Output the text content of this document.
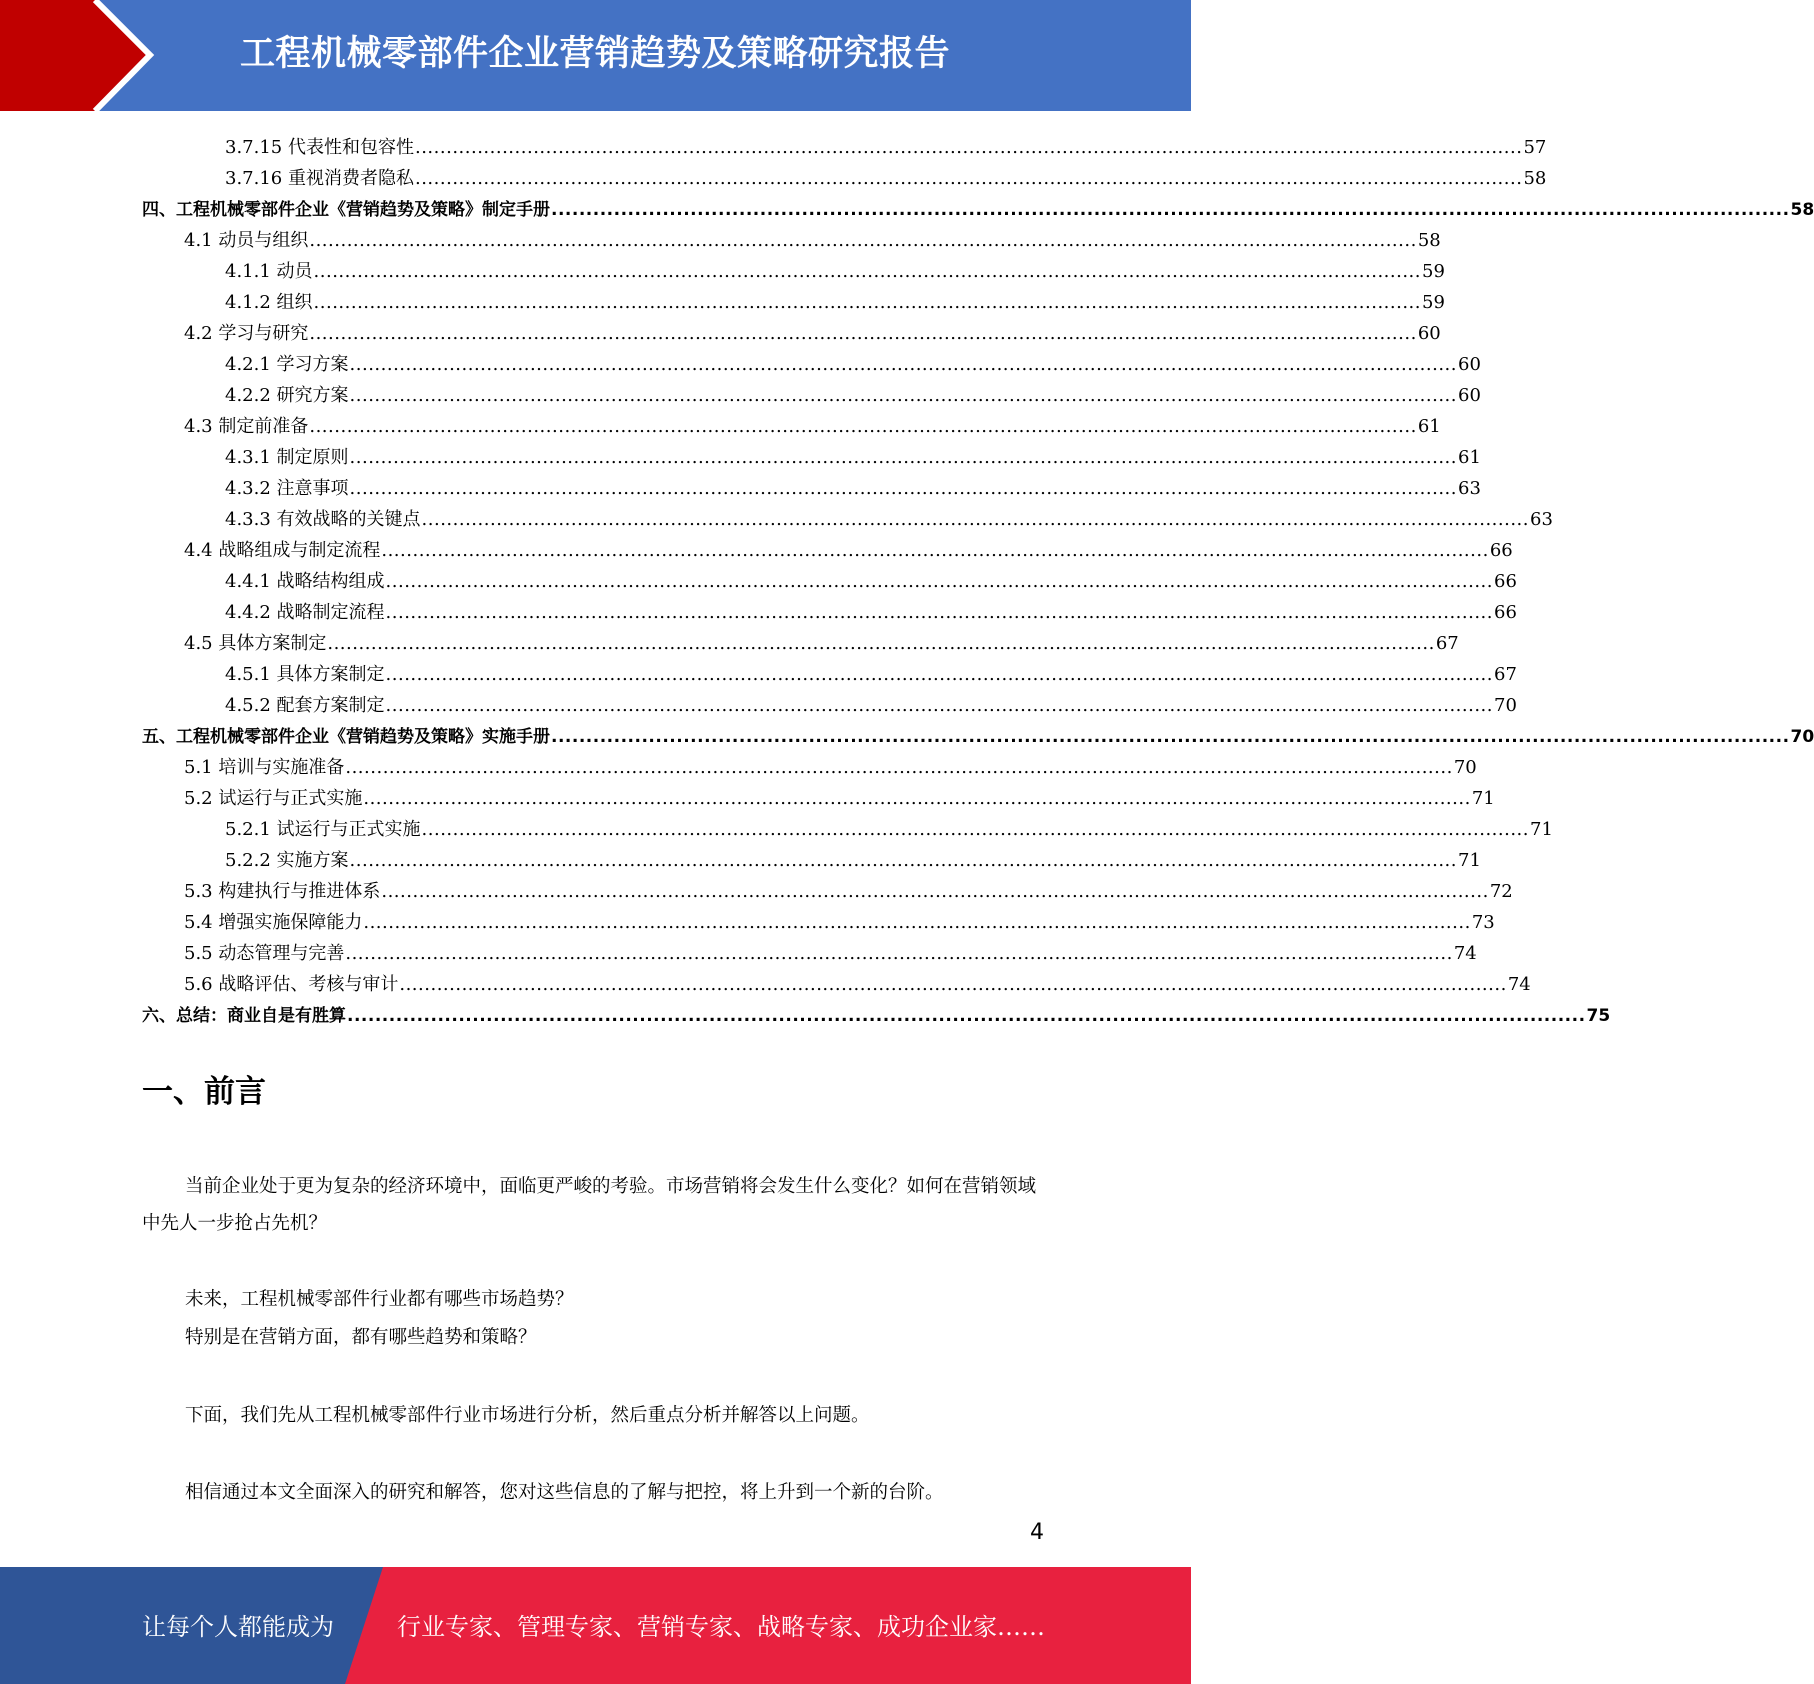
工程机械零部件企业营销趋势及策略研究报告
3.7.15 代表性和包容性 .................................................................................................................................................................................. 57
3.7.16 重视消费者隐私 .................................................................................................................................................................................. 58
四、工程机械零部件企业《营销趋势及策略》制定手册 .................................................................................................................................................................................. 58
4.1 动员与组织 .................................................................................................................................................................................. 58
4.1.1 动员 .................................................................................................................................................................................. 59
4.1.2 组织 .................................................................................................................................................................................. 59
4.2 学习与研究 .................................................................................................................................................................................. 60
4.2.1 学习方案 .................................................................................................................................................................................. 60
4.2.2 研究方案 .................................................................................................................................................................................. 60
4.3 制定前准备 .................................................................................................................................................................................. 61
4.3.1 制定原则 .................................................................................................................................................................................. 61
4.3.2 注意事项 .................................................................................................................................................................................. 63
4.3.3 有效战略的关键点 .................................................................................................................................................................................. 63
4.4 战略组成与制定流程 .................................................................................................................................................................................. 66
4.4.1 战略结构组成 .................................................................................................................................................................................. 66
4.4.2 战略制定流程 .................................................................................................................................................................................. 66
4.5 具体方案制定 .................................................................................................................................................................................. 67
4.5.1 具体方案制定 .................................................................................................................................................................................. 67
4.5.2 配套方案制定 .................................................................................................................................................................................. 70
五、工程机械零部件企业《营销趋势及策略》实施手册 .................................................................................................................................................................................. 70
5.1 培训与实施准备 .................................................................................................................................................................................. 70
5.2 试运行与正式实施 .................................................................................................................................................................................. 71
5.2.1 试运行与正式实施 .................................................................................................................................................................................. 71
5.2.2 实施方案 .................................................................................................................................................................................. 71
5.3 构建执行与推进体系 .................................................................................................................................................................................. 72
5.4 增强实施保障能力 .................................................................................................................................................................................. 73
5.5 动态管理与完善 .................................................................................................................................................................................. 74
5.6 战略评估、考核与审计 .................................................................................................................................................................................. 74
六、总结：商业自是有胜算 .................................................................................................................................................................................. 75
一、前言

当前企业处于更为复杂的经济环境中，面临更严峻的考验。市场营销将会发生什么变化？如何在营销领域中先人一步抢占先机？

未来，工程机械零部件行业都有哪些市场趋势？

特别是在营销方面，都有哪些趋势和策略？

下面，我们先从工程机械零部件行业市场进行分析，然后重点分析并解答以上问题。

相信通过本文全面深入的研究和解答，您对这些信息的了解与把控，将上升到一个新的台阶。

4
让每个人都能成为	行业专家、管理专家、营销专家、战略专家、成功企业家……
